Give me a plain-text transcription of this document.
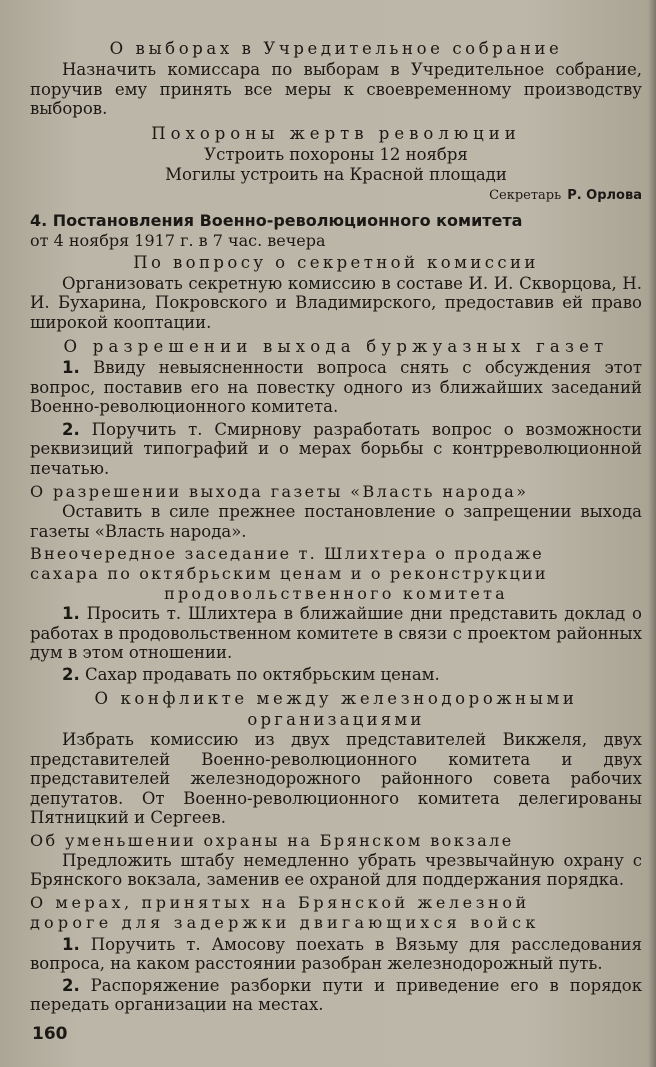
О выборах в Учредительное собрание

Назначить комиссара по выборам в Учредительное собрание, поручив ему принять все меры к своевременному производству выборов.

Похороны жертв революции

Устроить похороны 12 ноября

Могилы устроить на Красной площади

Секретарь Р. Орлова

4. Постановления Военно-революционного комитета

от 4 ноября 1917 г. в 7 час. вечера

По вопросу о секретной комиссии

Организовать секретную комиссию в составе И. И. Скворцова, Н. И. Бухарина, Покровского и Владимирского, предоставив ей право широкой кооптации.

О разрешении выхода буржуазных газет

1. Ввиду невыясненности вопроса снять с обсуждения этот вопрос, поставив его на повестку одного из ближайших заседаний Военно-революционного комитета.

2. Поручить т. Смирнову разработать вопрос о возможности реквизиций типографий и о мерах борьбы с контрреволюционной печатью.

О разрешении выхода газеты «Власть народа»

Оставить в силе прежнее постановление о запрещении выхода газеты «Власть народа».

Внеочередное заседание т. Шлихтера о продаже

сахара по октябрьским ценам и о реконструкции

продовольственного комитета

1. Просить т. Шлихтера в ближайшие дни представить доклад о работах в продовольственном комитете в связи с проектом районных дум в этом отношении.

2. Сахар продавать по октябрьским ценам.

О конфликте между железнодорожными

организациями

Избрать комиссию из двух представителей Викжеля, двух представителей Военно-революционного комитета и двух представителей железнодорожного районного совета рабочих депутатов. От Военно-революционного комитета делегированы Пятницкий и Сергеев.

Об уменьшении охраны на Брянском вокзале

Предложить штабу немедленно убрать чрезвычайную охрану с Брянского вокзала, заменив ее охраной для поддержания порядка.

О мерах, принятых на Брянской железной

дороге для задержки двигающихся войск

1. Поручить т. Амосову поехать в Вязьму для расследования вопроса, на каком расстоянии разобран железнодорожный путь.

2. Распоряжение разборки пути и приведение его в порядок передать организации на местах.

160
